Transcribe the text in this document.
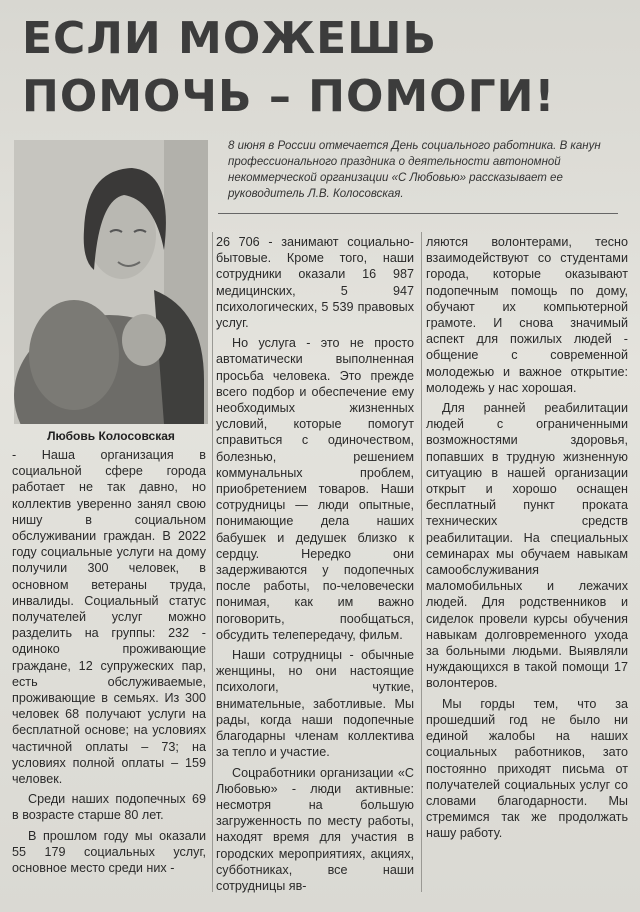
ЕСЛИ МОЖЕШЬ
ПОМОЧЬ – ПОМОГИ!

8 июня в России отмечается День социального работника. В канун профессионального праздника о деятельности автономной некоммерческой организации «С Любовью» рассказывает ее руководитель Л.В. Колосовская.

Любовь Колосовская

- Наша организация в социальной сфере города работает не так давно, но коллектив уверенно занял свою нишу в социальном обслуживании граждан. В 2022 году социальные услуги на дому получили 300 человек, в основном ветераны труда, инвалиды. Социальный статус получателей услуг можно разделить на группы: 232 - одиноко проживающие граждане, 12 супружеских пар, есть обслуживаемые, проживающие в семьях. Из 300 человек 68 получают услуги на бесплатной основе; на условиях частичной оплаты – 73; на условиях полной оплаты – 159 человек.

Среди наших подопечных 69 в возрасте старше 80 лет.

В прошлом году мы оказали 55 179 социальных услуг, основное место среди них -

26 706 - занимают социально-бытовые. Кроме того, наши сотрудники оказали 16 987 медицинских, 5 947 психологических, 5 539 правовых услуг.

Но услуга - это не просто автоматически выполненная просьба человека. Это прежде всего подбор и обеспечение ему необходимых жизненных условий, которые помогут справиться с одиночеством, болезнью, решением коммунальных проблем, приобретением товаров. Наши сотрудницы — люди опытные, понимающие дела наших бабушек и дедушек близко к сердцу. Нередко они задерживаются у подопечных после работы, по-человечески понимая, как им важно поговорить, пообщаться, обсудить телепередачу, фильм.

Наши сотрудницы - обычные женщины, но они настоящие психологи, чуткие, внимательные, заботливые. Мы рады, когда наши подопечные благодарны членам коллектива за тепло и участие.

Соцработники организации «С Любовью» - люди активные: несмотря на большую загруженность по месту работы, находят время для участия в городских мероприятиях, акциях, субботниках, все наши сотрудницы яв-

ляются волонтерами, тесно взаимодействуют со студентами города, которые оказывают подопечным помощь по дому, обучают их компьютерной грамоте. И снова значимый аспект для пожилых людей - общение с современной молодежью и важное открытие: молодежь у нас хорошая.

Для ранней реабилитации людей с ограниченными возможностями здоровья, попавших в трудную жизненную ситуацию в нашей организации открыт и хорошо оснащен бесплатный пункт проката технических средств реабилитации. На специальных семинарах мы обучаем навыкам самообслуживания маломобильных и лежачих людей. Для родственников и сиделок провели курсы обучения навыкам долговременного ухода за больными людьми. Выявляли нуждающихся в такой помощи 17 волонтеров.

Мы горды тем, что за прошедший год не было ни единой жалобы на наших социальных работников, зато постоянно приходят письма от получателей социальных услуг со словами благодарности. Мы стремимся так же продолжать нашу работу.
